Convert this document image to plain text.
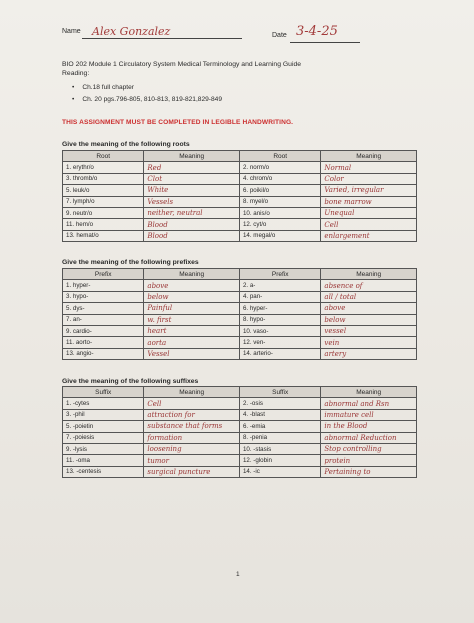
Name Alex Gonzalez	Date 3-4-25
BIO 202 Module 1 Circulatory System Medical Terminology and Learning Guide
Reading:
• Ch.18 full chapter
• Ch. 20 pgs.796-805, 810-813, 819-821,829-849
THIS ASSIGNMENT MUST BE COMPLETED IN LEGIBLE HANDWRITING.
Give the meaning of the following roots
Root	Meaning	Root	Meaning
1. erythr/o	Red	2. norm/o	Normal
3. thromb/o	Clot	4. chrom/o	Color
5. leuk/o	White	6. poikil/o	Varied, irregular
7. lymph/o	Vessels	8. myel/o	bone marrow
9. neutr/o	neither, neutral	10. anis/o	Unequal
11. hem/o	Blood	12. cyt/o	Cell
13. hemat/o	Blood	14. megal/o	enlargement
Give the meaning of the following prefixes
Prefix	Meaning	Prefix	Meaning
1. hyper-	above	2. a-	absence of
3. hypo-	below	4. pan-	all / total
5. dys-	Painful	6. hyper-	above
7. an-	w. first	8. hypo-	below
9. cardio-	heart	10. vaso-	vessel
11. aorto-	aorta	12. ven-	vein
13. angio-	Vessel	14. arterio-	artery
Give the meaning of the following suffixes
Suffix	Meaning	Suffix	Meaning
1. -cytes	Cell	2. -osis	abnormal and Rsn
3. -phil	attraction for	4. -blast	immature cell
5. -poietin	substance that forms	6. -emia	in the Blood
7. -poiesis	formation	8. -penia	abnormal Reduction
9. -lysis	loosening	10. -stasis	Stop controlling
11. -oma	tumor	12. -globin	protein
13. -centesis	surgical puncture	14. -ic	Pertaining to
1
